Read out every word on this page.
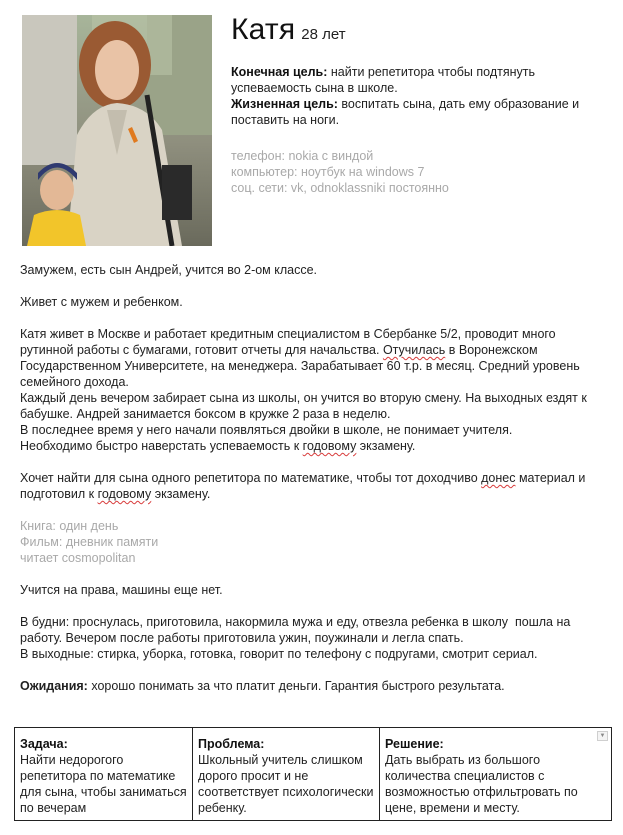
Катя 28 лет
Конечная цель: найти репетитора чтобы подтянуть успеваемость сына в школе.
Жизненная цель: воспитать сына, дать ему образование и поставить на ноги.
телефон: nokia с виндой
компьютер: ноутбук на windows 7
соц. сети: vk, odnoklassniki постоянно

Замужем, есть сын Андрей, учится во 2-ом классе.

Живет с мужем и ребенком.

Катя живет в Москве и работает кредитным специалистом в Сбербанке 5/2, проводит много рутинной работы с бумагами, готовит отчеты для начальства. Отучилась в Воронежском Государственном Университете, на менеджера. Зарабатывает 60 т.р. в месяц. Средний уровень семейного дохода.

Каждый день вечером забирает сына из школы, он учится во вторую смену. На выходных ездят к бабушке. Андрей занимается боксом в кружке 2 раза в неделю.

В последнее время у него начали появляться двойки в школе, не понимает учителя.

Необходимо быстро наверстать успеваемость к годовому экзамену.

Хочет найти для сына одного репетитора по математике, чтобы тот доходчиво донес материал и подготовил к годовому экзамену.

Книга: один день
Фильм: дневник памяти

читает cosmopolitan

Учится на права, машины еще нет.

В будни: проснулась, приготовила, накормила мужа и еду, отвезла ребенка в школу  пошла на работу. Вечером после работы приготовила ужин, поужинали и легла спать.

В выходные: стирка, уборка, готовка, говорит по телефону с подругами, смотрит сериал.

Ожидания: хорошо понимать за что платит деньги. Гарантия быстрого результата.

Задача:
Найти недорогого репетитора по математике для сына, чтобы заниматься по вечерам

Проблема:
Школьный учитель слишком дорого просит и не соответствует психологически ребенку.

▼
Решение:
Дать выбрать из большого количества специалистов с возможностью отфильтровать по цене, времени и месту.
